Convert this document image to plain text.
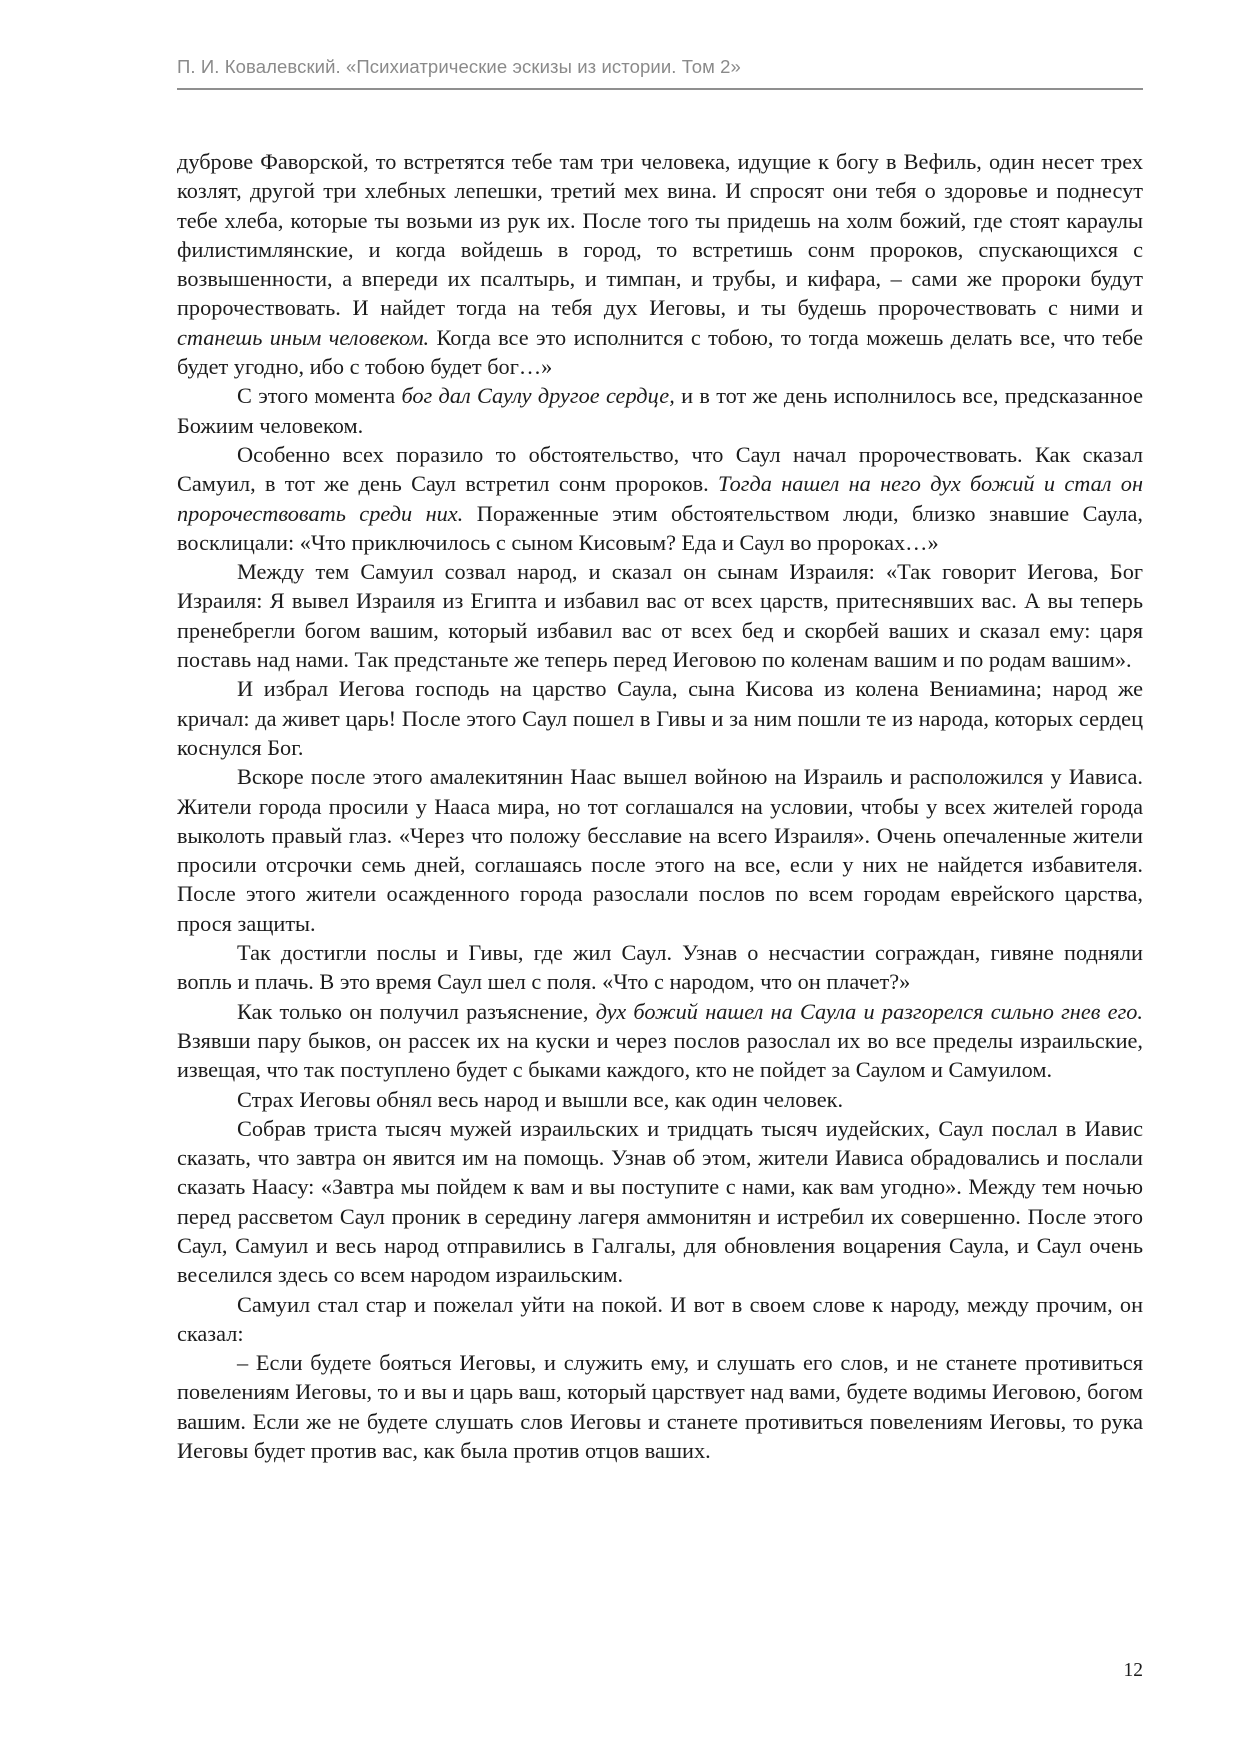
П. И. Ковалевский. «Психиатрические эскизы из истории. Том 2»

дуброве Фаворской, то встретятся тебе там три человека, идущие к богу в Вефиль, один несет трех козлят, другой три хлебных лепешки, третий мех вина. И спросят они тебя о здоровье и поднесут тебе хлеба, которые ты возьми из рук их. После того ты придешь на холм божий, где стоят караулы филистимлянские, и когда войдешь в город, то встретишь сонм пророков, спускающихся с возвышенности, а впереди их псалтырь, и тимпан, и трубы, и кифара, – сами же пророки будут пророчествовать. И найдет тогда на тебя дух Иеговы, и ты будешь пророчествовать с ними и станешь иным человеком. Когда все это исполнится с тобою, то тогда можешь делать все, что тебе будет угодно, ибо с тобою будет бог…»

С этого момента бог дал Саулу другое сердце, и в тот же день исполнилось все, предсказанное Божиим человеком.

Особенно всех поразило то обстоятельство, что Саул начал пророчествовать. Как сказал Самуил, в тот же день Саул встретил сонм пророков. Тогда нашел на него дух божий и стал он пророчествовать среди них. Пораженные этим обстоятельством люди, близко знавшие Саула, восклицали: «Что приключилось с сыном Кисовым? Еда и Саул во пророках…»

Между тем Самуил созвал народ, и сказал он сынам Израиля: «Так говорит Иегова, Бог Израиля: Я вывел Израиля из Египта и избавил вас от всех царств, притеснявших вас. А вы теперь пренебрегли богом вашим, который избавил вас от всех бед и скорбей ваших и сказал ему: царя поставь над нами. Так предстаньте же теперь перед Иеговою по коленам вашим и по родам вашим».

И избрал Иегова господь на царство Саула, сына Кисова из колена Вениамина; народ же кричал: да живет царь! После этого Саул пошел в Гивы и за ним пошли те из народа, которых сердец коснулся Бог.

Вскоре после этого амалекитянин Наас вышел войною на Израиль и расположился у Иависа. Жители города просили у Нааса мира, но тот соглашался на условии, чтобы у всех жителей города выколоть правый глаз. «Через что положу бесславие на всего Израиля». Очень опечаленные жители просили отсрочки семь дней, соглашаясь после этого на все, если у них не найдется избавителя. После этого жители осажденного города разослали послов по всем городам еврейского царства, прося защиты.

Так достигли послы и Гивы, где жил Саул. Узнав о несчастии сограждан, гивяне подняли вопль и плачь. В это время Саул шел с поля. «Что с народом, что он плачет?»

Как только он получил разъяснение, дух божий нашел на Саула и разгорелся сильно гнев его. Взявши пару быков, он рассек их на куски и через послов разослал их во все пределы израильские, извещая, что так поступлено будет с быками каждого, кто не пойдет за Саулом и Самуилом.

Страх Иеговы обнял весь народ и вышли все, как один человек.

Собрав триста тысяч мужей израильских и тридцать тысяч иудейских, Саул послал в Иавис сказать, что завтра он явится им на помощь. Узнав об этом, жители Иависа обрадовались и послали сказать Наасу: «Завтра мы пойдем к вам и вы поступите с нами, как вам угодно». Между тем ночью перед рассветом Саул проник в середину лагеря аммонитян и истребил их совершенно. После этого Саул, Самуил и весь народ отправились в Галгалы, для обновления воцарения Саула, и Саул очень веселился здесь со всем народом израильским.

Самуил стал стар и пожелал уйти на покой. И вот в своем слове к народу, между прочим, он сказал:

– Если будете бояться Иеговы, и служить ему, и слушать его слов, и не станете противиться повелениям Иеговы, то и вы и царь ваш, который царствует над вами, будете водимы Иеговою, богом вашим. Если же не будете слушать слов Иеговы и станете противиться повелениям Иеговы, то рука Иеговы будет против вас, как была против отцов ваших.

12
